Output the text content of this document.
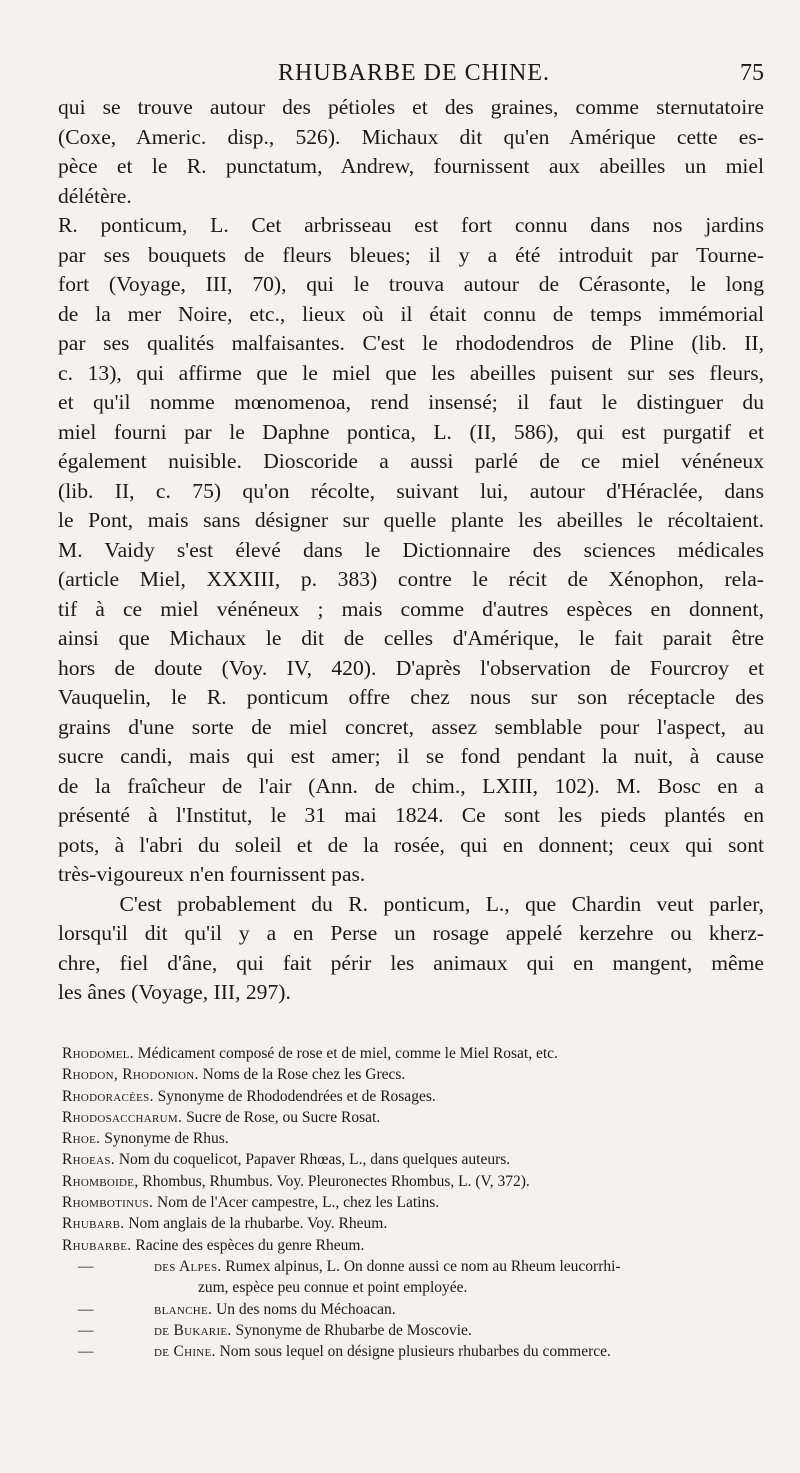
RHUBARBE DE CHINE.	75
qui se trouve autour des pétioles et des graines, comme sternutatoire
(Coxe, Americ. disp., 526). Michaux dit qu'en Amérique cette es-
pèce et le R. punctatum, Andrew, fournissent aux abeilles un miel
délétère.
R. ponticum, L. Cet arbrisseau est fort connu dans nos jardins
par ses bouquets de fleurs bleues; il y a été introduit par Tourne-
fort (Voyage, III, 70), qui le trouva autour de Cérasonte, le long
de la mer Noire, etc., lieux où il était connu de temps immémorial
par ses qualités malfaisantes. C'est le rhododendros de Pline (lib. II,
c. 13), qui affirme que le miel que les abeilles puisent sur ses fleurs,
et qu'il nomme mœnomenoa, rend insensé; il faut le distinguer du
miel fourni par le Daphne pontica, L. (II, 586), qui est purgatif et
également nuisible. Dioscoride a aussi parlé de ce miel vénéneux
(lib. II, c. 75) qu'on récolte, suivant lui, autour d'Héraclée, dans
le Pont, mais sans désigner sur quelle plante les abeilles le récoltaient.
M. Vaidy s'est élevé dans le Dictionnaire des sciences médicales
(article Miel, XXXIII, p. 383) contre le récit de Xénophon, rela-
tif à ce miel vénéneux ; mais comme d'autres espèces en donnent,
ainsi que Michaux le dit de celles d'Amérique, le fait parait être
hors de doute (Voy. IV, 420). D'après l'observation de Fourcroy et
Vauquelin, le R. ponticum offre chez nous sur son réceptacle des
grains d'une sorte de miel concret, assez semblable pour l'aspect, au
sucre candi, mais qui est amer; il se fond pendant la nuit, à cause
de la fraîcheur de l'air (Ann. de chim., LXIII, 102). M. Bosc en a
présenté à l'Institut, le 31 mai 1824. Ce sont les pieds plantés en
pots, à l'abri du soleil et de la rosée, qui en donnent; ceux qui sont
très-vigoureux n'en fournissent pas.
C'est probablement du R. ponticum, L., que Chardin veut parler,
lorsqu'il dit qu'il y a en Perse un rosage appelé kerzehre ou kherz-
chre, fiel d'âne, qui fait périr les animaux qui en mangent, même
les ânes (Voyage, III, 297).
Rhodomel. Médicament composé de rose et de miel, comme le Miel Rosat, etc.
Rhodon, Rhodonion. Noms de la Rose chez les Grecs.
Rhodoracées. Synonyme de Rhododendrées et de Rosages.
Rhodosaccharum. Sucre de Rose, ou Sucre Rosat.
Rhoe. Synonyme de Rhus.
Rhoeas. Nom du coquelicot, Papaver Rhœas, L., dans quelques auteurs.
Rhomboide, Rhombus, Rhumbus. Voy. Pleuronectes Rhombus, L. (V, 372).
Rhombotinus. Nom de l'Acer campestre, L., chez les Latins.
Rhubarb. Nom anglais de la rhubarbe. Voy. Rheum.
Rhubarbe. Racine des espèces du genre Rheum.
—	des Alpes. Rumex alpinus, L. On donne aussi ce nom au Rheum leucorrhi-
zum, espèce peu connue et point employée.
—	blanche. Un des noms du Méchoacan.
—	de Bukarie. Synonyme de Rhubarbe de Moscovie.
—	de Chine. Nom sous lequel on désigne plusieurs rhubarbes du commerce.
